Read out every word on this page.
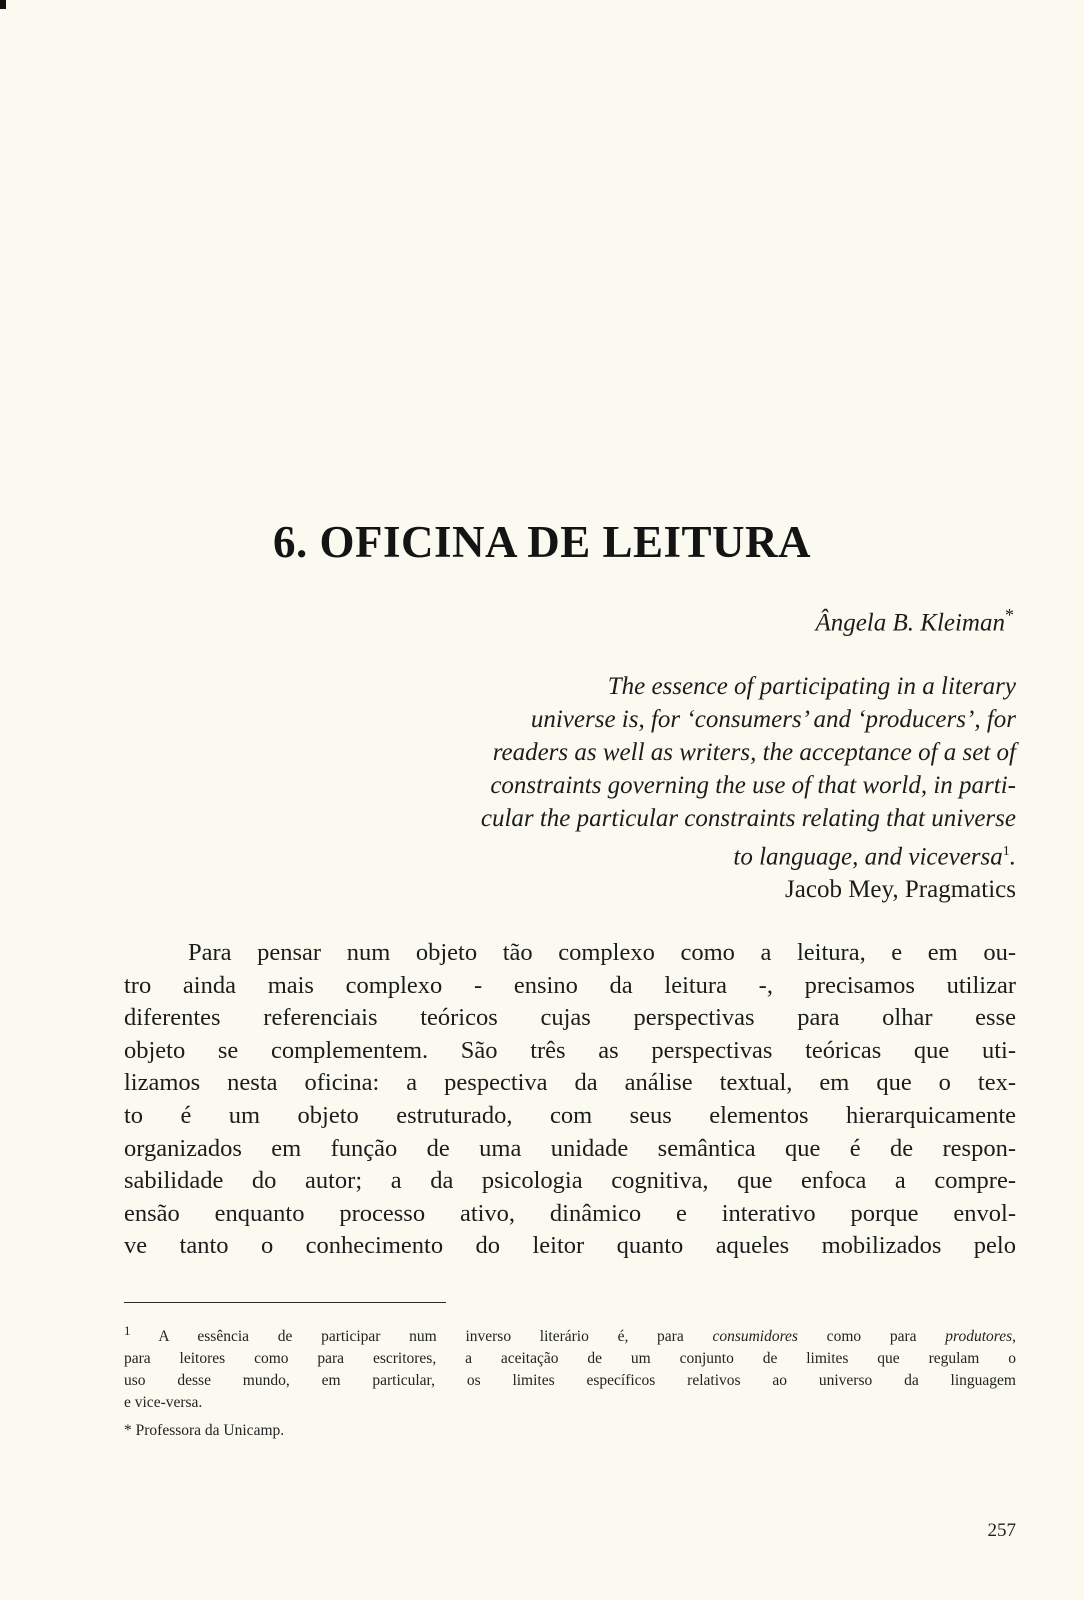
6. OFICINA DE LEITURA
Ângela B. Kleiman*
The essence of participating in a literary
universe is, for ‘consumers’ and ‘producers’, for
readers as well as writers, the acceptance of a set of
constraints governing the use of that world, in parti-
cular the particular constraints relating that universe
to language, and viceversa$^1$.
Jacob Mey, Pragmatics
Para pensar num objeto tão complexo como a leitura, e em ou-
tro ainda mais complexo - ensino da leitura -, precisamos utilizar
diferentes referenciais teóricos cujas perspectivas para olhar esse
objeto se complementem. São três as perspectivas teóricas que uti-
lizamos nesta oficina: a pespectiva da análise textual, em que o tex-
to é um objeto estruturado, com seus elementos hierarquicamente
organizados em função de uma unidade semântica que é de respon-
sabilidade do autor; a da psicologia cognitiva, que enfoca a compre-
ensão enquanto processo ativo, dinâmico e interativo porque envol-
ve tanto o conhecimento do leitor quanto aqueles mobilizados pelo
$^1$ A essência de participar num inverso literário é, para consumidores como para produtores,
para leitores como para escritores, a aceitação de um conjunto de limites que regulam o
uso desse mundo, em particular, os limites específicos relativos ao universo da linguagem
e vice-versa.
* Professora da Unicamp.
257
